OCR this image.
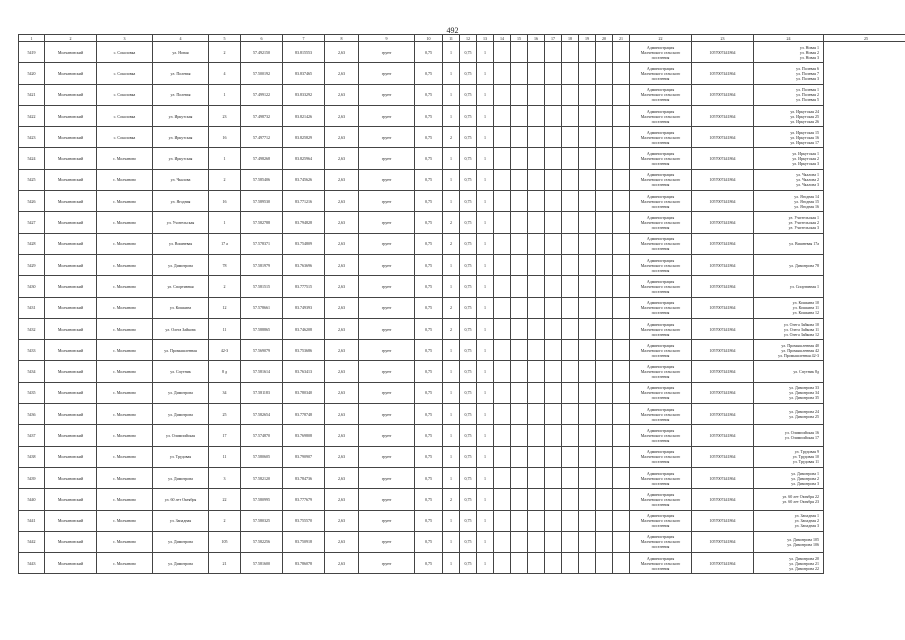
492
1	2	3	4	5	6	7	8	9	10	11	12	13	14	15	16	17	18	19	20	21	22	23	24	25
5419	Молчановский	с. Соколовка	ул. Новая	2	57.492150	83.815553	2,63	грунт	0,75	1	0,75	1									Администрация
Малчевского сельского
поселения	1057007441864	ул. Новая 1
ул. Новая 2
ул. Новая 3	
5420	Молчановский	с. Соколовка	ул. Полевая	4	57.500192	83.837465	2,63	грунт	0,75	1	0,75	1									Администрация
Малчевского сельского
поселения	1057007441864	ул. Полевая 6
ул. Полевая 7
ул. Полевая 3	
5421	Молчановский	с. Соколовка	ул. Полевая	1	57.499122	83.833292	2,63	грунт	0,75	1	0,75	1									Администрация
Малчевского сельского
поселения	1057007441864	ул. Полевая 1
ул. Полевая 2
ул. Полевая 5	
5422	Молчановский	с. Соколовка	ул. Иркутская	23	57.498732	83.821426	2,63	грунт	0,75	1	0,75	1									Администрация
Малчевского сельского
поселения	1057007441864	ул. Иркутская 24
ул. Иркутская 25
ул. Иркутская 26	
5423	Молчановский	с. Соколовка	ул. Иркутская	16	57.497712	83.825829	2,63	грунт	0,75	2	0,75	1									Администрация
Малчевского сельского
поселения	1057007441864	ул. Иркутская 15
ул. Иркутская 16
ул. Иркутская 17	
5424	Молчановский	с. Молчаново	ул. Иркутская	1	57.498268	83.825964	2,63	грунт	0,75	1	0,75	1									Администрация
Малчевского сельского
поселения	1057007441864	ул. Иркутская 1
ул. Иркутская 2
ул. Иркутская 3	
5425	Молчановский	с. Молчаново	ул. Чкалова	2	57.585406	83.745626	2,63	грунт	0,75	1	0,75	1									Администрация
Малчевского сельского
поселения	1057007441864	ул. Чкалова 1
ул. Чкалова 2
ул. Чкалова 3	
5426	Молчановский	с. Молчаново	ул. Ягодная	16	57.589530	83.771216	2,63	грунт	0,75	1	0,75	1									Администрация
Малчевского сельского
поселения	1057007441864	ул. Ягодная 14
ул. Ягодная 15
ул. Ягодная 16	
5427	Молчановский	с. Молчаново	ул. Учительская	1	57.582788	83.794828	2,63	грунт	0,75	2	0,75	1									Администрация
Малчевского сельского
поселения	1057007441864	ул. Учительская 1
ул. Учительская 2
ул. Учительская 3	
5428	Молчановский	с. Молчаново	ул. Вишневая	17 а	57.578371	83.754809	2,63	грунт	0,75	2	0,75	1									Администрация
Малчевского сельского
поселения	1057007441864	ул. Вишневая 17а	
5429	Молчановский	с. Молчаново	ул. Димитрова	78	57.581979	83.763696	2,63	грунт	0,75	1	0,75	1									Администрация
Малчевского сельского
поселения	1057007441864	ул. Димитрова 78	
5430	Молчановский	с. Молчаново	ул. Спортивная	2	57.581515	83.777515	2,63	грунт	0,75	1	0,75	1									Администрация
Малчевского сельского
поселения	1057007441864	ул. Спортивная 1	
5431	Молчановский	с. Молчаново	ул. Кошкина	12	57.578661	83.749393	2,63	грунт	0,75	2	0,75	1									Администрация
Малчевского сельского
поселения	1057007441864	ул. Кошкина 10
ул. Кошкина 11
ул. Кошкина 12	
5432	Молчановский	с. Молчаново	ул. Олега Зайкова	11	57.588865	83.746208	2,63	грунт	0,75	2	0,75	1									Администрация
Малчевского сельского
поселения	1057007441864	ул. Олега Зайкова 10
ул. Олега Зайкова 11
ул. Олега Зайкова 12	
5433	Молчановский	с. Молчаново	ул. Промышленная	42-3	57.569079	83.753686	2,63	грунт	0,75	1	0,75	1									Администрация
Малчевского сельского
поселения	1057007441864	ул. Промышленная 40
ул. Промышленная 42
ул. Промышленная 42-3	
5434	Молчановский	с. Молчаново	ул. Спутник	8 д	57.581614	83.763413	2,63	грунт	0,75	1	0,75	1									Администрация
Малчевского сельского
поселения	1057007441864	ул. Спутник 8д	
5435	Молчановский	с. Молчаново	ул. Димитрова	34	57.581183	83.780340	2,63	грунт	0,75	1	0,75	1									Администрация
Малчевского сельского
поселения	1057007441864	ул. Димитрова 33
ул. Димитрова 34
ул. Димитрова 35	
5436	Молчановский	с. Молчаново	ул. Димитрова	25	57.582654	83.778748	2,63	грунт	0,75	1	0,75	1									Администрация
Малчевского сельского
поселения	1057007441864	ул. Димитрова 24
ул. Димитрова 25	
5437	Молчановский	с. Молчаново	ул. Олимпийская	17	57.574870	83.769808	2,63	грунт	0,75	1	0,75	1									Администрация
Малчевского сельского
поселения	1057007441864	ул. Олимпийская 16
ул. Олимпийская 17	
5438	Молчановский	с. Молчаново	ул. Трудовая	11	57.580605	83.790907	2,63	грунт	0,75	1	0,75	1									Администрация
Малчевского сельского
поселения	1057007441864	ул. Трудовая 9
ул. Трудовая 10
ул. Трудовая 11	
5439	Молчановский	с. Молчаново	ул. Димитрова	3	57.582120	83.784736	2,63	грунт	0,75	1	0,75	1									Администрация
Малчевского сельского
поселения	1057007441864	ул. Димитрова 1
ул. Димитрова 2
ул. Димитрова 3	
5440	Молчановский	с. Молчаново	ул. 60 лет Октября	22	57.580995	83.777679	2,63	грунт	0,75	2	0,75	1									Администрация
Малчевского сельского
поселения	1057007441864	ул. 60 лет Октября 22
ул. 60 лет Октября 23	
5441	Молчановский	с. Молчаново	ул. Западная	2	57.580325	83.755570	2,63	грунт	0,75	1	0,75	1									Администрация
Малчевского сельского
поселения	1057007441864	ул. Западная 1
ул. Западная 2
ул. Западная 3	
5442	Молчановский	с. Молчаново	ул. Димитрова	105	57.582256	83.750918	2,63	грунт	0,75	1	0,75	1									Администрация
Малчевского сельского
поселения	1057007441864	ул. Димитрова 105
ул. Димитрова 106	
5443	Молчановский	с. Молчаново	ул. Димитрова	21	57.581600	83.786078	2,63	грунт	0,75	1	0,75	1									Администрация
Малчевского сельского
поселения	1057007441864	ул. Димитрова 20
ул. Димитрова 21
ул. Димитрова 22	
